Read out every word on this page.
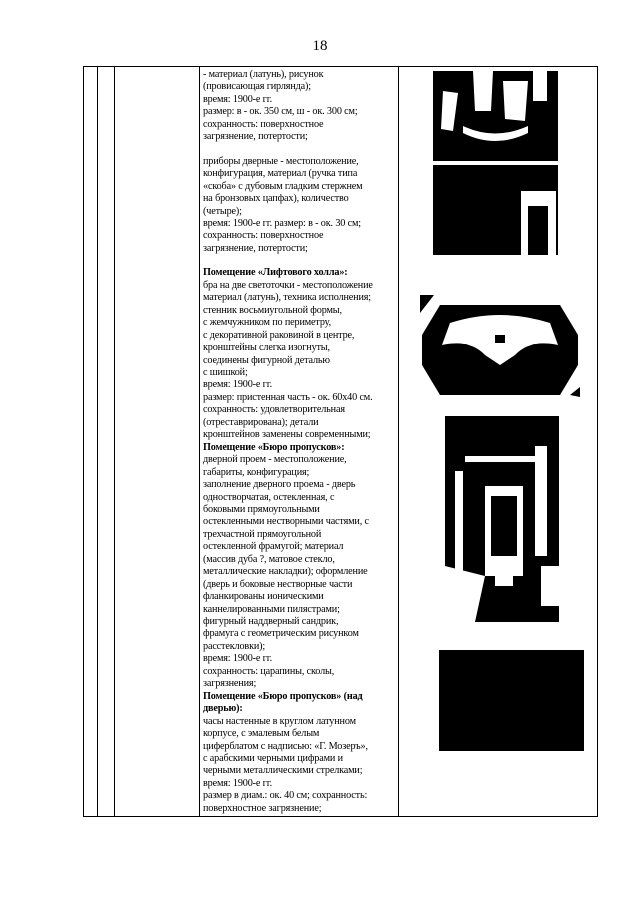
18

- материал (латунь), рисунок

(провисающая гирлянда);

время: 1900-е гг.

размер: в - ок. 350 см, ш - ок. 300 см;

сохранность: поверхностное

загрязнение, потертости;

приборы дверные - местоположение,

конфигурация, материал (ручка типа

«скоба» с дубовым гладким стержнем

на бронзовых цапфах), количество

(четыре);

время: 1900-е гг. размер: в - ок. 30 см;

сохранность: поверхностное

загрязнение, потертости;

Помещение «Лифтового холла»:

бра на две светоточки - местоположение

материал (латунь), техника исполнения;

стенник восьмиугольной формы,

с жемчужником по периметру,

с декоративной раковиной в центре,

кронштейны слегка изогнуты,

соединены фигурной деталью

с шишкой;

время: 1900-е гг.

размер: пристенная часть - ок. 60х40 см.

сохранность: удовлетворительная

(отреставрирована); детали

кронштейнов заменены современными;

Помещение «Бюро пропусков»:

дверной проем - местоположение,

габариты, конфигурация;

заполнение дверного проема - дверь

одностворчатая, остекленная, с

боковыми прямоугольными

остекленными нестворными частями, с

трехчастной прямоугольной

остекленной фрамугой; материал

(массив дуба ?, матовое стекло,

металлические накладки); оформление

(дверь и боковые нестворные части

фланкированы ионическими

каннелированными пилястрами;

фигурный наддверный сандрик,

фрамуга с геометрическим рисунком

расстекловки);

время: 1900-е гг.

сохранность: царапины, сколы,

загрязнения;

Помещение «Бюро пропусков» (над

дверью):

часы настенные в круглом латунном

корпусе, с эмалевым белым

циферблатом с надписью: «Г. Мозеръ»,

с арабскими черными цифрами и

черными металлическими стрелками;

время: 1900-е гг.

размер в диам.: ок. 40 см; сохранность:

поверхностное загрязнение;
